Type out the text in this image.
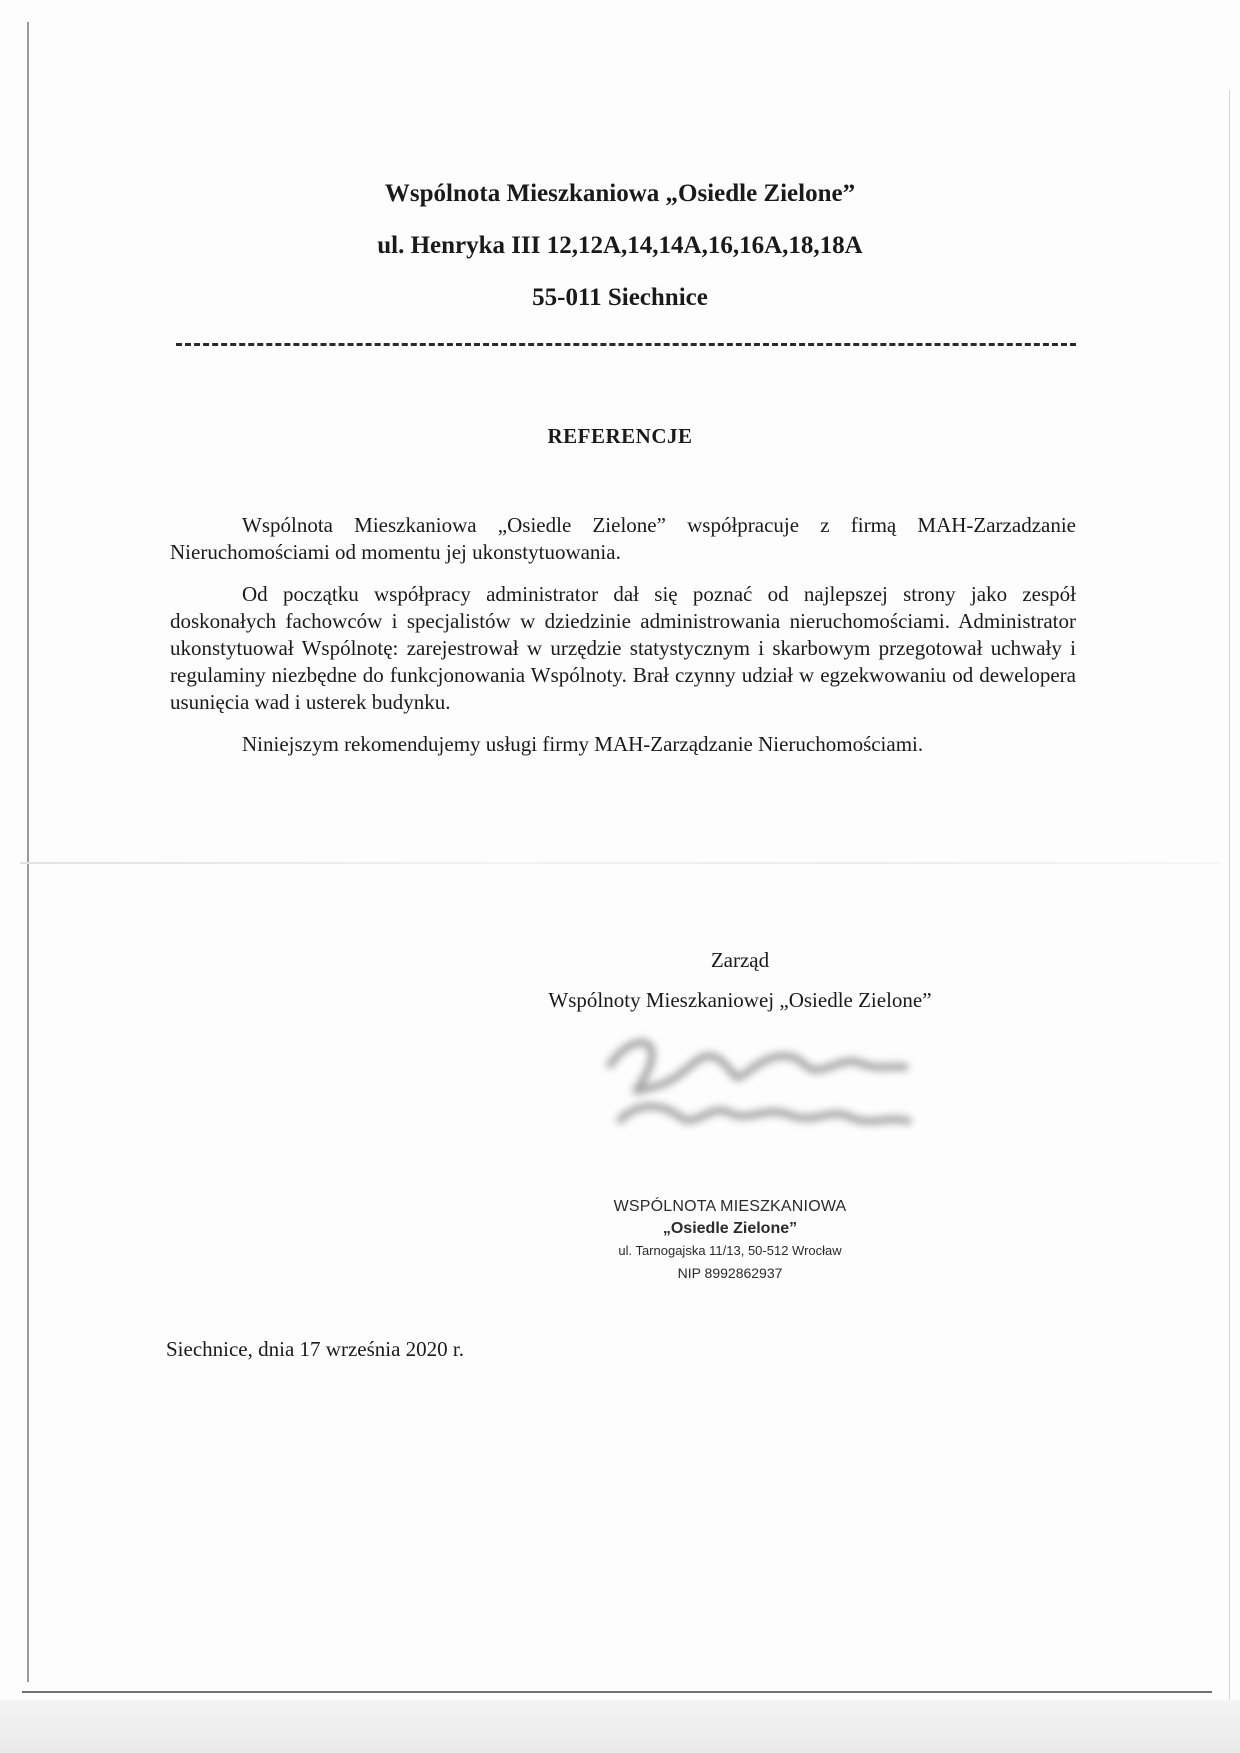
Wspólnota Mieszkaniowa „Osiedle Zielone”
ul. Henryka III 12,12A,14,14A,16,16A,18,18A
55-011 Siechnice
REFERENCJE

Wspólnota Mieszkaniowa „Osiedle Zielone” współpracuje z firmą MAH-Zarzadzanie Nieruchomościami od momentu jej ukonstytuowania.

Od początku współpracy administrator dał się poznać od najlepszej strony jako zespół doskonałych fachowców i specjalistów w dziedzinie administrowania nieruchomościami. Administrator ukonstytuował Wspólnotę: zarejestrował w urzędzie statystycznym i skarbowym przegotował uchwały i regulaminy niezbędne do funkcjonowania Wspólnoty. Brał czynny udział w egzekwowaniu od dewelopera usunięcia wad i usterek budynku.

Niniejszym rekomendujemy usługi firmy MAH-Zarządzanie Nieruchomościami.

Zarząd
Wspólnoty Mieszkaniowej „Osiedle Zielone”
WSPÓLNOTA MIESZKANIOWA
„Osiedle Zielone”
ul. Tarnogajska 11/13, 50-512 Wrocław
NIP 8992862937
Siechnice, dnia 17 września 2020 r.
